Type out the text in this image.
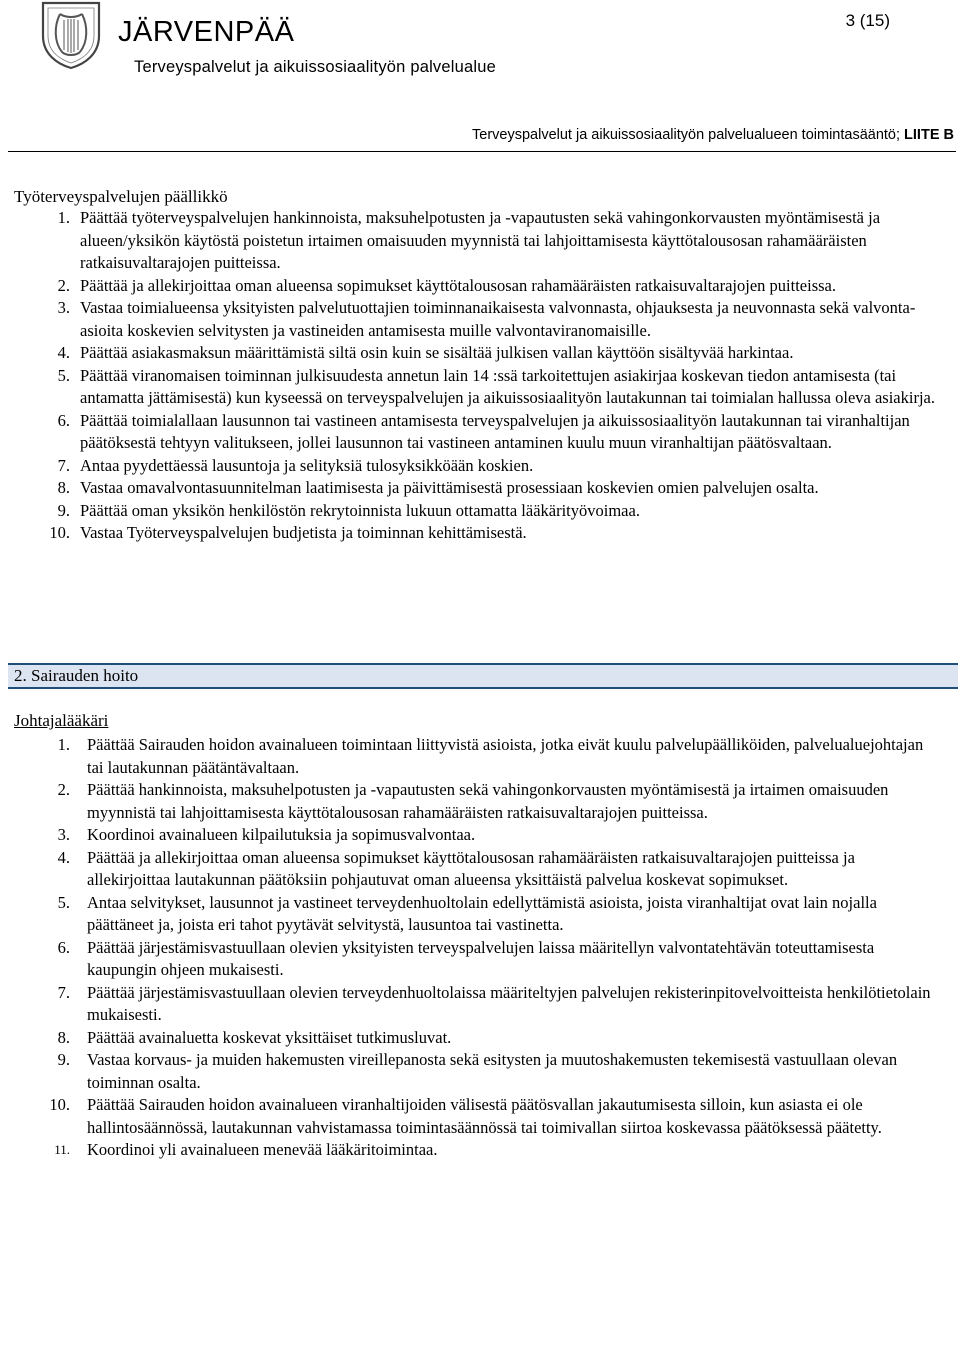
JÄRVENPÄÄ
Terveyspalvelut ja aikuissosiaalityön palvelualue
3 (15)
Terveyspalvelut ja aikuissosiaalityön palvelualueen toimintasääntö; LIITE B
Työterveyspalvelujen päällikkö
1. Päättää työterveyspalvelujen hankinnoista, maksuhelpotusten ja -vapautusten sekä vahingonkorvausten myöntämisestä ja alueen/yksikön käytöstä poistetun irtaimen omaisuuden myynnistä tai lahjoittamisesta käyttötalousosan rahamääräisten ratkaisuvaltarajojen puitteissa.
2. Päättää ja allekirjoittaa oman alueensa sopimukset käyttötalousosan rahamääräisten ratkaisuvaltarajojen puitteissa.
3. Vastaa toimialueensa yksityisten palvelutuottajien toiminnanaikaisesta valvonnasta, ohjauksesta ja neuvonnasta sekä valvonta-asioita koskevien selvitysten ja vastineiden antamisesta muille valvontaviranomaisille.
4. Päättää asiakasmaksun määrittämistä siltä osin kuin se sisältää julkisen vallan käyttöön sisältyvää harkintaa.
5. Päättää viranomaisen toiminnan julkisuudesta annetun lain 14 :ssä tarkoitettujen asiakirjaa koskevan tiedon antamisesta (tai antamatta jättämisestä) kun kyseessä on terveyspalvelujen ja aikuissosiaalityön lautakunnan tai toimialan hallussa oleva asiakirja.
6. Päättää toimialallaan lausunnon tai vastineen antamisesta terveyspalvelujen ja aikuissosiaalityön lautakunnan tai viranhaltijan päätöksestä tehtyyn valitukseen, jollei lausunnon tai vastineen antaminen kuulu muun viranhaltijan päätösvaltaan.
7. Antaa pyydettäessä lausuntoja ja selityksiä tulosyksikköään koskien.
8. Vastaa omavalvontasuunnitelman laatimisesta ja päivittämisestä prosessiaan koskevien omien palvelujen osalta.
9. Päättää oman yksikön henkilöstön rekrytoinnista lukuun ottamatta lääkärityövoimaa.
10. Vastaa Työterveyspalvelujen budjetista ja toiminnan kehittämisestä.
2. Sairauden hoito
Johtajalääkäri
1. Päättää Sairauden hoidon avainalueen toimintaan liittyvistä asioista, jotka eivät kuulu palvelupäälliköiden, palvelualuejohtajan tai lautakunnan päätäntävaltaan.
2. Päättää hankinnoista, maksuhelpotusten ja -vapautusten sekä vahingonkorvausten myöntämisestä ja irtaimen omaisuuden myynnistä tai lahjoittamisesta käyttötalousosan rahamääräisten ratkaisuvaltarajojen puitteissa.
3. Koordinoi avainalueen kilpailutuksia ja sopimusvalvontaa.
4. Päättää ja allekirjoittaa oman alueensa sopimukset käyttötalousosan rahamääräisten ratkaisuvaltarajojen puitteissa ja allekirjoittaa lautakunnan päätöksiin pohjautuvat oman alueensa yksittäistä palvelua koskevat sopimukset.
5. Antaa selvitykset, lausunnot ja vastineet terveydenhuoltolain edellyttämistä asioista, joista viranhaltijat ovat lain nojalla päättäneet ja, joista eri tahot pyytävät selvitystä, lausuntoa tai vastinetta.
6. Päättää järjestämisvastuullaan olevien yksityisten terveyspalvelujen laissa määritellyn valvontatehtävän toteuttamisesta kaupungin ohjeen mukaisesti.
7. Päättää järjestämisvastuullaan olevien terveydenhuoltolaissa määriteltyjen palvelujen rekisterinpitovelvoitteista henkilötietolain mukaisesti.
8. Päättää avainaluetta koskevat yksittäiset tutkimusluvat.
9. Vastaa korvaus- ja muiden hakemusten vireillepanosta sekä esitysten ja muutoshakemusten tekemisestä vastuullaan olevan toiminnan osalta.
10. Päättää Sairauden hoidon avainalueen viranhaltijoiden välisestä päätösvallan jakautumisesta silloin, kun asiasta ei ole hallintosäännössä, lautakunnan vahvistamassa toimintasäännössä tai toimivallan siirtoa koskevassa päätöksessä päätetty.
11. Koordinoi yli avainalueen menevää lääkäritoimintaa.
